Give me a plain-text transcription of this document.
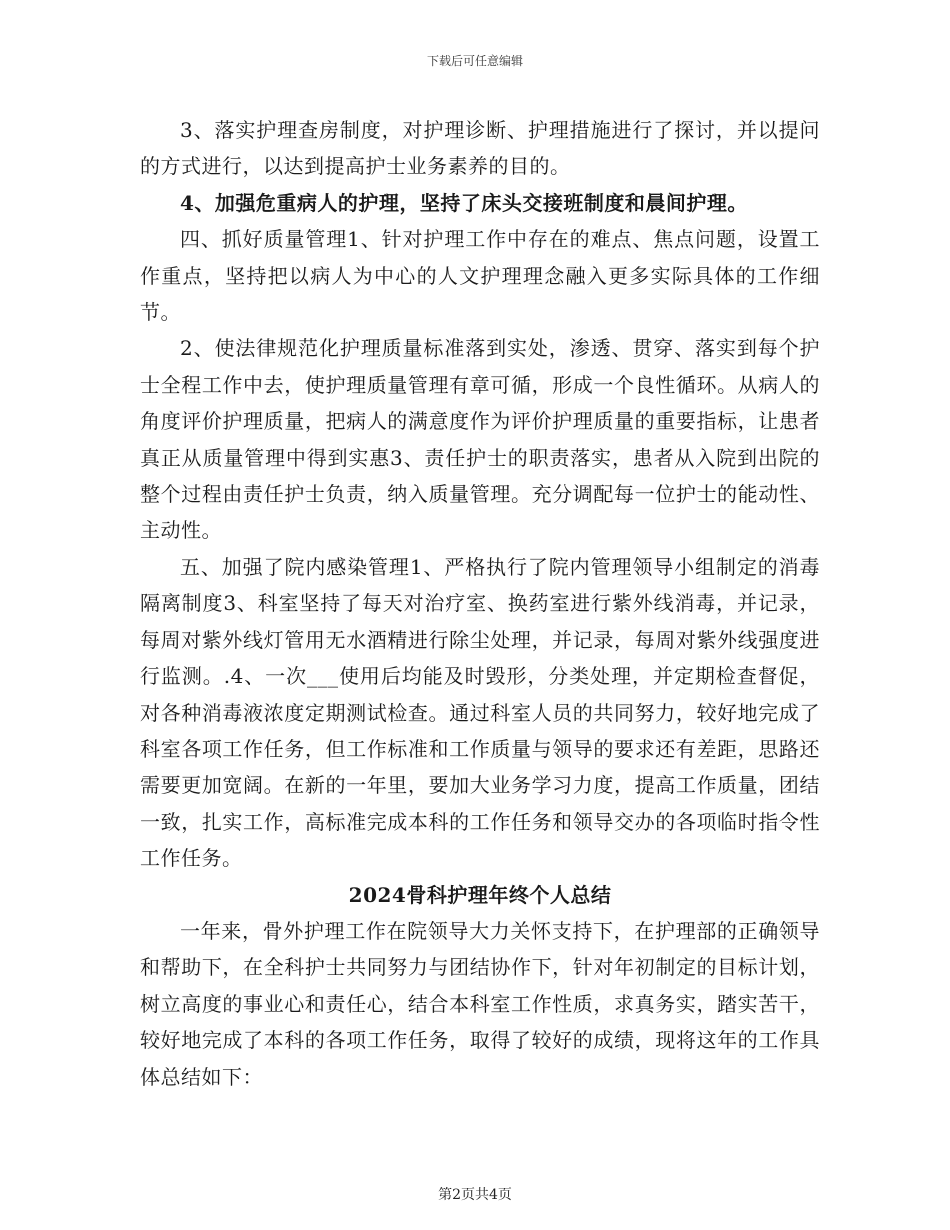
下载后可任意编辑

3、落实护理查房制度，对护理诊断、护理措施进行了探讨，并以提问的方式进行，以达到提高护士业务素养的目的。

4、加强危重病人的护理，坚持了床头交接班制度和晨间护理。

四、抓好质量管理1、针对护理工作中存在的难点、焦点问题，设置工作重点，坚持把以病人为中心的人文护理理念融入更多实际具体的工作细节。

2、使法律规范化护理质量标准落到实处，渗透、贯穿、落实到每个护士全程工作中去，使护理质量管理有章可循，形成一个良性循环。从病人的角度评价护理质量，把病人的满意度作为评价护理质量的重要指标，让患者真正从质量管理中得到实惠3、责任护士的职责落实，患者从入院到出院的整个过程由责任护士负责，纳入质量管理。充分调配每一位护士的能动性、主动性。

五、加强了院内感染管理1、严格执行了院内管理领导小组制定的消毒隔离制度3、科室坚持了每天对治疗室、换药室进行紫外线消毒，并记录，每周对紫外线灯管用无水酒精进行除尘处理，并记录，每周对紫外线强度进行监测。.4、一次___使用后均能及时毁形，分类处理，并定期检查督促，对各种消毒液浓度定期测试检查。通过科室人员的共同努力，较好地完成了科室各项工作任务，但工作标准和工作质量与领导的要求还有差距，思路还需要更加宽阔。在新的一年里，要加大业务学习力度，提高工作质量，团结一致，扎实工作，高标准完成本科的工作任务和领导交办的各项临时指令性工作任务。

2024骨科护理年终个人总结

一年来，骨外护理工作在院领导大力关怀支持下，在护理部的正确领导和帮助下，在全科护士共同努力与团结协作下，针对年初制定的目标计划，树立高度的事业心和责任心，结合本科室工作性质，求真务实，踏实苦干，较好地完成了本科的各项工作任务，取得了较好的成绩，现将这年的工作具体总结如下：

第2页共4页
